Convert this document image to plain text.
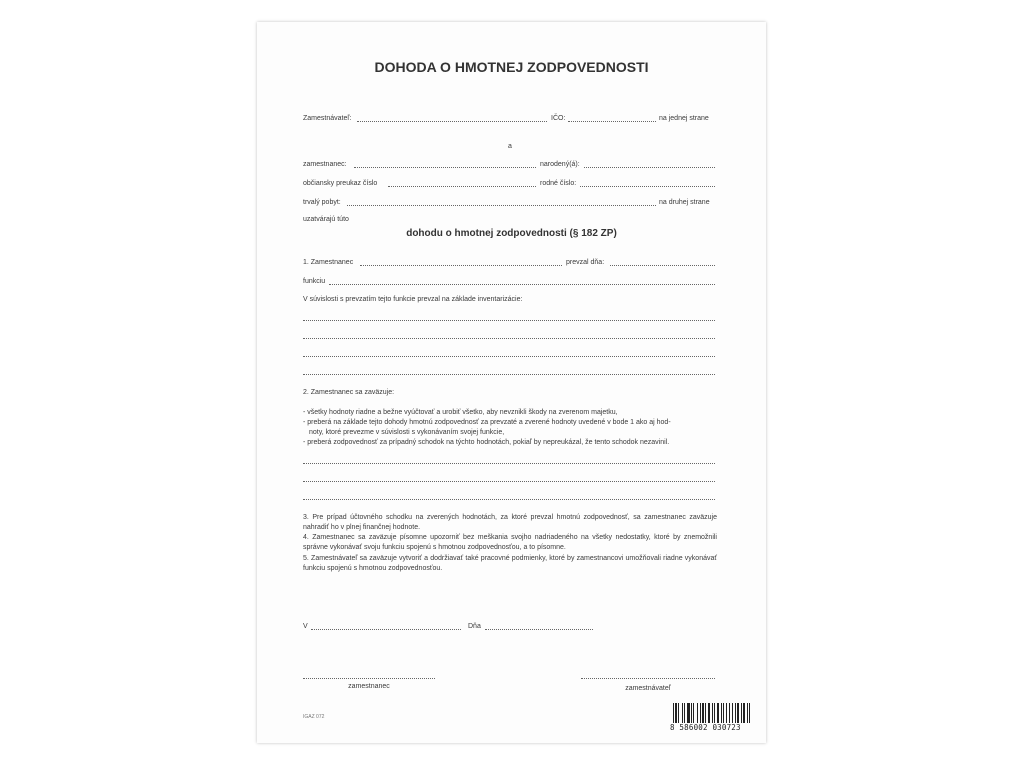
DOHODA O HMOTNEJ ZODPOVEDNOSTI
Zamestnávateľ:	IČO:	na jednej strane
a
zamestnanec:	narodený(á):
občiansky preukaz číslo	rodné číslo:
trvalý pobyt:	na druhej strane
uzatvárajú túto
dohodu o hmotnej zodpovednosti (§ 182 ZP)
1. Zamestnanec	prevzal dňa:
funkciu
V súvislosti s prevzatím tejto funkcie prevzal na základe inventarizácie:
2. Zamestnanec sa zaväzuje:
- všetky hodnoty riadne a bežne vyúčtovať a urobiť všetko, aby nevznikli škody na zverenom majetku,
- preberá na základe tejto dohody hmotnú zodpovednosť za prevzaté a zverené hodnoty uvedené v bode 1 ako aj hod-
noty, ktoré prevezme v súvislosti s vykonávaním svojej funkcie,
- preberá zodpovednosť za prípadný schodok na týchto hodnotách, pokiaľ by nepreukázal, že tento schodok nezavinil.
3. Pre prípad účtovného schodku na zverených hodnotách, za ktoré prevzal hmotnú zodpovednosť, sa zamestnanec zaväzuje nahradiť ho v plnej finančnej hodnote.
4. Zamestnanec sa zaväzuje písomne upozorniť bez meškania svojho nadriadeného na všetky nedostatky, ktoré by znemožnili správne vykonávať svoju funkciu spojenú s hmotnou zodpovednosťou, a to písomne.
5. Zamestnávateľ sa zaväzuje vytvoriť a dodržiavať také pracovné podmienky, ktoré by zamestnancovi umožňovali riadne vykonávať funkciu spojenú s hmotnou zodpovednosťou.
V	Dňa
zamestnanec	zamestnávateľ
IGAZ 072
8 586002 030723
